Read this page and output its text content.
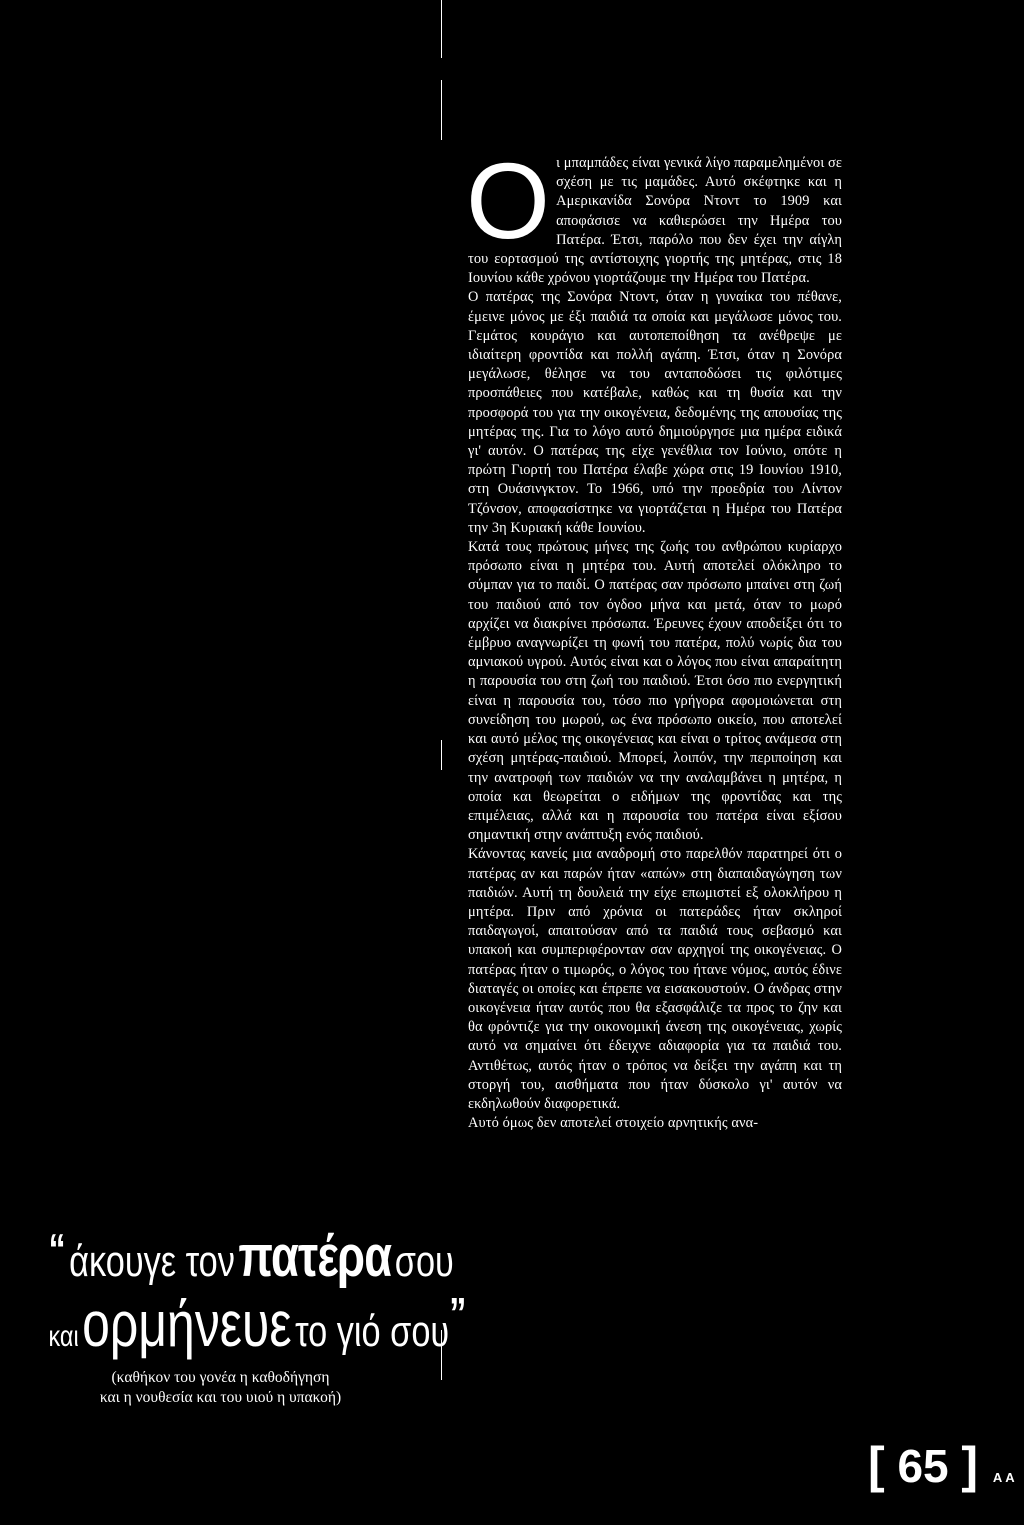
“ άκουγε τον πατέρα σου
και ορμήνευε το γιό σου”
(καθήκον του γονέα η καθοδήγηση
και η νουθεσία και του υιού η υπακοή)
Ο ι μπαμπάδες είναι γενικά λίγο παραμελημένοι σε σχέση με τις μαμάδες. Αυτό σκέφτηκε και η Αμερικανίδα Σονόρα Ντοντ το 1909 και αποφάσισε να καθιερώσει την Ημέρα του Πατέρα. Έτσι, παρόλο που δεν έχει την αίγλη του εορτασμού της αντίστοιχης γιορτής της μητέρας, στις 18 Ιουνίου κάθε χρόνου γιορτάζουμε την Ημέρα του Πατέρα.

Ο πατέρας της Σονόρα Ντοντ, όταν η γυναίκα του πέθανε, έμεινε μόνος με έξι παιδιά τα οποία και μεγάλωσε μόνος του. Γεμάτος κουράγιο και αυτοπεποίθηση τα ανέθρεψε με ιδιαίτερη φροντίδα και πολλή αγάπη. Έτσι, όταν η Σονόρα μεγάλωσε, θέλησε να του ανταποδώσει τις φιλότιμες προσπάθειες που κατέβαλε, καθώς και τη θυσία και την προσφορά του για την οικογένεια, δεδομένης της απουσίας της μητέρας της. Για το λόγο αυτό δημιούργησε μια ημέρα ειδικά γι' αυτόν. Ο πατέρας της είχε γενέθλια τον Ιούνιο, οπότε η πρώτη Γιορτή του Πατέρα έλαβε χώρα στις 19 Ιουνίου 1910, στη Ουάσινγκτον. Το 1966, υπό την προεδρία του Λίντον Τζόνσον, αποφασίστηκε να γιορτάζεται η Ημέρα του Πατέρα την 3η Κυριακή κάθε Ιουνίου.

Κατά τους πρώτους μήνες της ζωής του ανθρώπου κυρίαρχο πρόσωπο είναι η μητέρα του. Αυτή αποτελεί ολόκληρο το σύμπαν για το παιδί. Ο πατέρας σαν πρόσωπο μπαίνει στη ζωή του παιδιού από τον όγδοο μήνα και μετά, όταν το μωρό αρχίζει να διακρίνει πρόσωπα. Έρευνες έχουν αποδείξει ότι το έμβρυο αναγνωρίζει τη φωνή του πατέρα, πολύ νωρίς δια του αμνιακού υγρού. Αυτός είναι και ο λόγος που είναι απαραίτητη η παρουσία του στη ζωή του παιδιού. Έτσι όσο πιο ενεργητική είναι η παρουσία του, τόσο πιο γρήγορα αφομοιώνεται στη συνείδηση του μωρού, ως ένα πρόσωπο οικείο, που αποτελεί και αυτό μέλος της οικογένειας και είναι ο τρίτος ανάμεσα στη σχέση μητέρας-παιδιού. Μπορεί, λοιπόν, την περιποίηση και την ανατροφή των παιδιών να την αναλαμβάνει η μητέρα, η οποία και θεωρείται ο ειδήμων της φροντίδας και της επιμέλειας, αλλά και η παρουσία του πατέρα είναι εξίσου σημαντική στην ανάπτυξη ενός παιδιού.

Κάνοντας κανείς μια αναδρομή στο παρελθόν παρατηρεί ότι ο πατέρας αν και παρών ήταν «απών» στη διαπαιδαγώγηση των παιδιών. Αυτή τη δουλειά την είχε επωμιστεί εξ ολοκλήρου η μητέρα. Πριν από χρόνια οι πατεράδες ήταν σκληροί παιδαγωγοί, απαιτούσαν από τα παιδιά τους σεβασμό και υπακοή και συμπεριφέρονταν σαν αρχηγοί της οικογένειας. Ο πατέρας ήταν ο τιμωρός, ο λόγος του ήτανε νόμος, αυτός έδινε διαταγές οι οποίες και έπρεπε να εισακουστούν. Ο άνδρας στην οικογένεια ήταν αυτός που θα εξασφάλιζε τα προς το ζην και θα φρόντιζε για την οικονομική άνεση της οικογένειας, χωρίς αυτό να σημαίνει ότι έδειχνε αδιαφορία για τα παιδιά του. Αντιθέτως, αυτός ήταν ο τρόπος να δείξει την αγάπη και τη στοργή του, αισθήματα που ήταν δύσκολο γι' αυτόν να εκδηλωθούν διαφορετικά.

Αυτό όμως δεν αποτελεί στοιχείο αρνητικής ανα-

[ 65 ] ΑΑ
